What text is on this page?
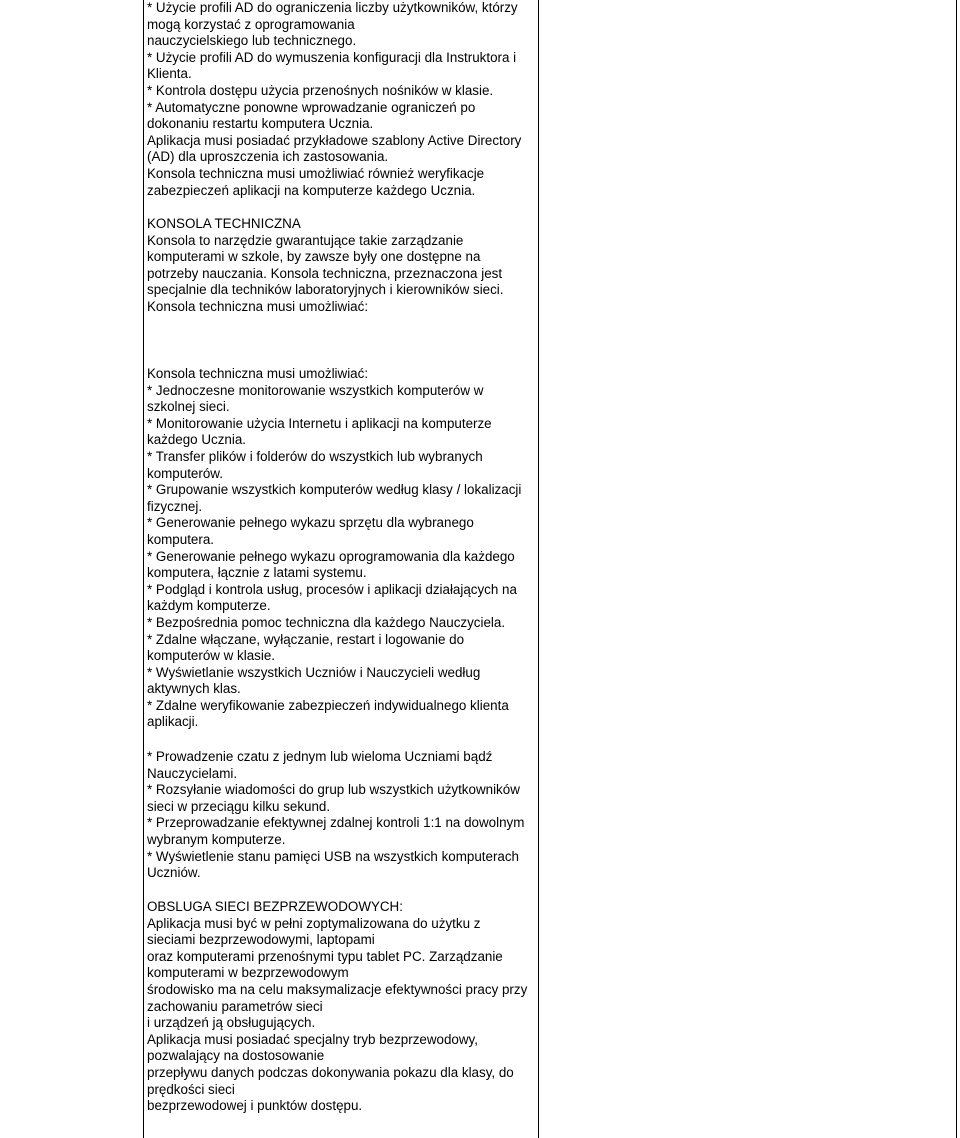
* Użycie profili AD do ograniczenia liczby użytkowników, którzy
mogą korzystać z oprogramowania
nauczycielskiego lub technicznego.
* Użycie profili AD do wymuszenia konfiguracji dla Instruktora i
Klienta.
* Kontrola dostępu użycia przenośnych nośników w klasie.
* Automatyczne ponowne wprowadzanie ograniczeń po
dokonaniu restartu komputera Ucznia.
Aplikacja musi posiadać przykładowe szablony Active Directory
(AD) dla uproszczenia ich zastosowania.
Konsola techniczna musi umożliwiać również weryfikacje
zabezpieczeń aplikacji na komputerze każdego Ucznia.
KONSOLA TECHNICZNA
Konsola to narzędzie gwarantujące takie zarządzanie
komputerami w szkole, by zawsze były one dostępne na
potrzeby nauczania. Konsola techniczna, przeznaczona jest
specjalnie dla techników laboratoryjnych i kierowników sieci.
Konsola techniczna musi umożliwiać:
Konsola techniczna musi umożliwiać:
* Jednoczesne monitorowanie wszystkich komputerów w
szkolnej sieci.
* Monitorowanie użycia Internetu i aplikacji na komputerze
każdego Ucznia.
* Transfer plików i folderów do wszystkich lub wybranych
komputerów.
* Grupowanie wszystkich komputerów według klasy / lokalizacji
fizycznej.
* Generowanie pełnego wykazu sprzętu dla wybranego
komputera.
* Generowanie pełnego wykazu oprogramowania dla każdego
komputera, łącznie z latami systemu.
* Podgląd i kontrola usług, procesów i aplikacji działających na
każdym komputerze.
* Bezpośrednia pomoc techniczna dla każdego Nauczyciela.
* Zdalne włączane, wyłączanie, restart i logowanie do
komputerów w klasie.
* Wyświetlanie wszystkich Uczniów i Nauczycieli według
aktywnych klas.
* Zdalne weryfikowanie zabezpieczeń indywidualnego klienta
aplikacji.
* Prowadzenie czatu z jednym lub wieloma Uczniami bądź
Nauczycielami.
* Rozsyłanie wiadomości do grup lub wszystkich użytkowników
sieci w przeciągu kilku sekund.
* Przeprowadzanie efektywnej zdalnej kontroli 1:1 na dowolnym
wybranym komputerze.
* Wyświetlenie stanu pamięci USB na wszystkich komputerach
Uczniów.
OBSLUGA SIECI BEZPRZEWODOWYCH:
Aplikacja musi być w pełni zoptymalizowana do użytku z
sieciami bezprzewodowymi, laptopami
oraz komputerami przenośnymi typu tablet PC. Zarządzanie
komputerami w bezprzewodowym
środowisko ma na celu maksymalizacje efektywności pracy przy
zachowaniu parametrów sieci
i urządzeń ją obsługujących.
Aplikacja musi posiadać specjalny tryb bezprzewodowy,
pozwalający na dostosowanie
przepływu danych podczas dokonywania pokazu dla klasy, do
prędkości sieci
bezprzewodowej i punktów dostępu.
